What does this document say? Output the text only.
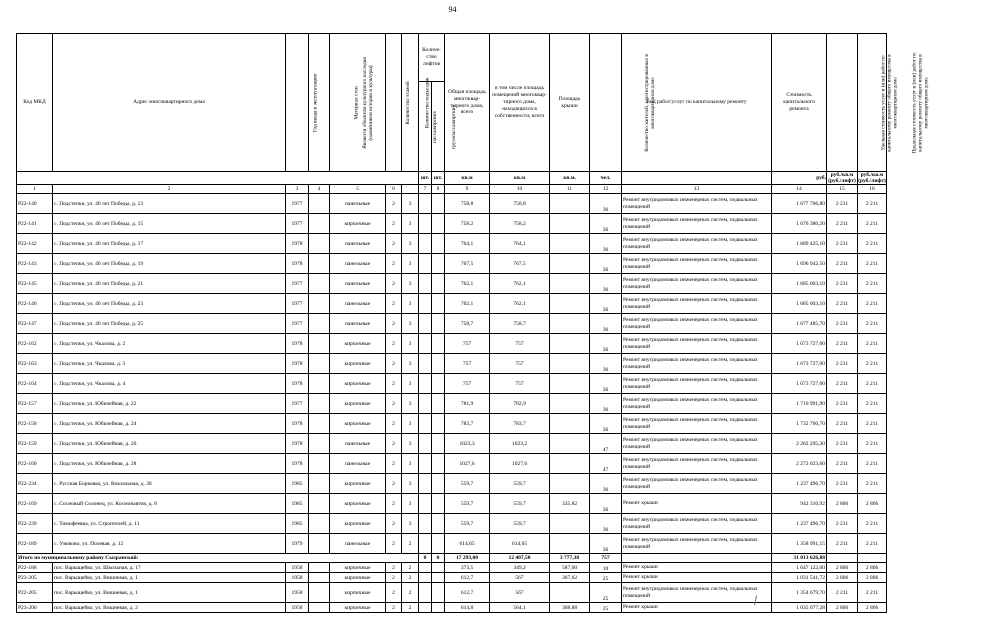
94
Код МКД	Адрес многоквартирного дома	Год ввода в эксплуатацию	Является объектом культурного наследия (памятником истории и культуры)	Материал стен	Количество этажей	Количество подъездов	Количе-ство лифтов		Общая площадь многоквар-тирного дома, всего	в том числе площадь помещений многоквар-тирного дома, находящихся в собственности, всего	Площадь крыши	Количество жителей, зарегистрированных в многоквартирном доме	Вид работ/услуг по капитальному ремонту	Стоимость капитального ремонта	Удельная стоимость услуг и (или) работ по капитальному ремонту общего имущества в многоквартирном доме	Предельная стоимость услуг и (или) работ по капитальному ремонту общего имущества в многоквартирном доме
							пассажирских	грузопассажирских								
							шт.	шт.	кв.м	кв.м	кв.м.	чел.		руб.	руб./кв.м (руб./лифт)	руб./кв.м (руб./лифт)
1	2	3	4	5	6		7	8	9	10	11	12	13	14	15	16
Р22-140	с. Подстепки, ул. 40 лет Победы, д. 13	1977		панельные	2	3			758,8	758,8		36	Ремонт внутридомовых инженерных систем, подвальных помещений	1 677 706,80	2 211	2 211
Р22-141	с. Подстепки, ул. 40 лет Победы, д. 15	1977		кирпичные	2	3			758,2	758,2		36	Ремонт внутридомовых инженерных систем, подвальных помещений	1 676 380,20	2 211	2 211
Р22-142	с. Подстепки, ул. 40 лет Победы, д. 17	1978		панельные	2	3			764,1	764,1		36	Ремонт внутридомовых инженерных систем, подвальных помещений	1 689 425,10	2 211	2 211
Р22-143	с. Подстепки, ул. 40 лет Победы, д. 19	1978		панельные	2	3			767,5	767,5		36	Ремонт внутридомовых инженерных систем, подвальных помещений	1 696 942,50	2 211	2 211
Р22-145	с. Подстепки, ул. 40 лет Победы, д. 21	1977		панельные	2	3			762,1	762,1		36	Ремонт внутридомовых инженерных систем, подвальных помещений	1 685 003,10	2 211	2 211
Р22-146	с. Подстепки, ул. 40 лет Победы, д. 23	1977		панельные	2	3			762,1	762,1		36	Ремонт внутридомовых инженерных систем, подвальных помещений	1 685 003,10	2 211	2 211
Р22-147	с. Подстепки, ул. 40 лет Победы, д. 25	1977		панельные	2	3			758,7	758,7		36	Ремонт внутридомовых инженерных систем, подвальных помещений	1 677 485,70	2 211	2 211
Р22-162	с. Подстепки, ул. Чкалова, д. 2	1978		кирпичные	2	3			757	757		36	Ремонт внутридомовых инженерных систем, подвальных помещений	1 673 727,00	2 211	2 211
Р22-163	с. Подстепки, ул. Чкалова, д. 3	1978		кирпичные	2	3			757	757		36	Ремонт внутридомовых инженерных систем, подвальных помещений	1 673 727,00	2 211	2 211
Р22-164	с. Подстепки, ул. Чкалова, д. 4	1978		кирпичные	2	3			757	757		36	Ремонт внутридомовых инженерных систем, подвальных помещений	1 673 727,00	2 211	2 211
Р22-157	с. Подстепки, ул. Юбилейная, д. 22	1977		кирпичные	2	3			781,9	782,9		36	Ремонт внутридомовых инженерных систем, подвальных помещений	1 710 991,90	2 211	2 211
Р22-158	с. Подстепки, ул. Юбилейная, д. 24	1978		кирпичные	2	3			783,7	783,7		36	Ремонт внутридомовых инженерных систем, подвальных помещений	1 732 760,70	2 211	2 211
Р22-159	с. Подстепки, ул. Юбилейная, д. 26	1978		панельные	2	3			1023,3	1023,2		47	Ремонт внутридомовых инженерных систем, подвальных помещений	2 262 295,30	2 211	2 211
Р22-160	с. Подстепки, ул. Юбилейная, д. 28	1978		панельные	2	3			1027,6	1027,6		47	Ремонт внутридомовых инженерных систем, подвальных помещений	2 272 023,60	2 211	2 211
Р22-234	с. Русская Борковка, ул. Вокзальная, д. 30	1985		кирпичные	2	3			559,7	559,7		36	Ремонт внутридомовых инженерных систем, подвальных помещений	1 237 496,70	2 211	2 211
Р22-169	с. Сосновый Солонец, ул. Космонавтов, д. 8	1985		кирпичные	2	3			559,7	559,7	335,82	36	Ремонт крыши	942 310,92	2 806	2 806
Р22-239	с. Тимофеевка, ул. Строителей, д. 11	1985		кирпичные	2	3			559,7	559,7		36	Ремонт внутридомовых инженерных систем, подвальных помещений	1 237 496,70	2 211	2 211
Р22-189	с. Узюково, ул. Полевая, д. 12	1979		панельные	2	2			614,65	614,65		36	Ремонт внутридомовых инженерных систем, подвальных помещений	1 358 991,15	2 211	2 211
Итого по муниципальному району Сызранский:							0	0	17 293,00	12 407,50	3 777,38	757		31 013 626,88		
Р22-188	пос. Варыщейко, ул. Школьная, д. 17	1958		кирпичные	2	2			373,5	349,2	587,00	10	Ремонт крыши	1 647 122,00	2 806	2 806
Р23-205	пос. Варыщейко, ул. Вишневая, д. 1	1958		кирпичные	2	2			612,7	567	367,62	25	Ремонт крыши	1 031 541,72	2 806	2 806
Р22-205	пос. Варыщейко, ул. Вишневая, д. 1	1958		кирпичные	2	2			612,7	567		25	Ремонт внутридомовых инженерных систем, подвальных помещений	1 354 679,70	2 211	2 211
Р23-206	пос. Варыщейко, ул. Вишневая, д. 2	1958		кирпичные	2	2			614,8	564,1	368,88	25	Ремонт крыши	1 035 077,28	2 806	2 806
